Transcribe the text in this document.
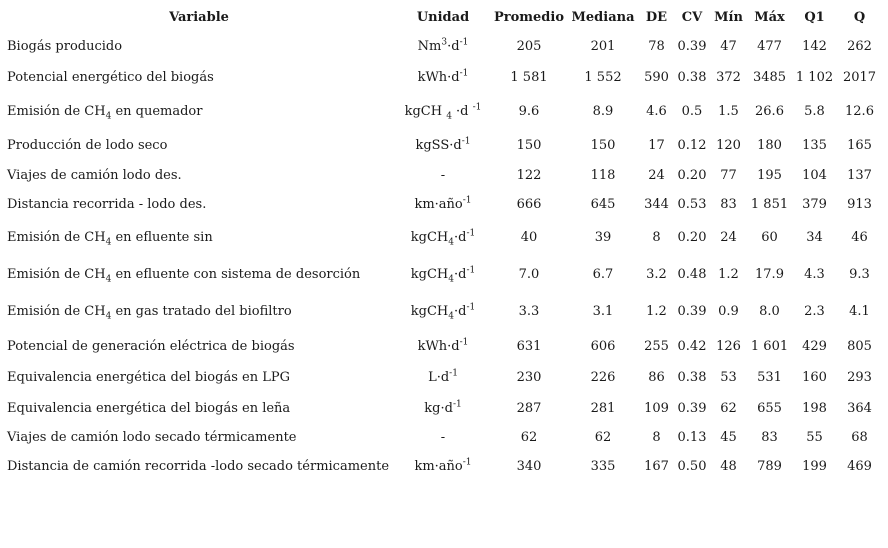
Variable	Unidad	Promedio	Mediana	DE	CV	Mín	Máx	Q1	Q
Biogás producido	$Nm^3\cdot d^{-1}$	205	201	78	0.39	47	477	142	262
Potencial energético del biogás	$kWh\cdot d^{-1}$	1 581	1 552	590	0.38	372	3485	1 102	2017
Emisión de $CH_4$ en quemador	kgCH $_4$ ·d $^{-1}$	9.6	8.9	4.6	0.5	1.5	26.6	5.8	12.6
Producción de lodo seco	$kgSS\cdot d^{-1}$	150	150	17	0.12	120	180	135	165
Viajes de camión lodo des.	-	122	118	24	0.20	77	195	104	137
Distancia recorrida - lodo des.	km·año$^{-1}$	666	645	344	0.53	83	1 851	379	913
Emisión de $CH_4$ en efluente sin	$kgCH_4\cdot d^{-1}$	40	39	8	0.20	24	60	34	46
Emisión de $CH_4$ en efluente con sistema de desorción	$kgCH_4\cdot d^{-1}$	7.0	6.7	3.2	0.48	1.2	17.9	4.3	9.3
Emisión de $CH_4$ en gas tratado del biofiltro	$kgCH_4\cdot d^{-1}$	3.3	3.1	1.2	0.39	0.9	8.0	2.3	4.1
Potencial de generación eléctrica de biogás	$kWh\cdot d^{-1}$	631	606	255	0.42	126	1 601	429	805
Equivalencia energética del biogás en LPG	$L\cdot d^{-1}$	230	226	86	0.38	53	531	160	293
Equivalencia energética del biogás en leña	$kg\cdot d^{-1}$	287	281	109	0.39	62	655	198	364
Viajes de camión lodo secado térmicamente	-	62	62	8	0.13	45	83	55	68
Distancia de camión recorrida -lodo secado térmicamente	km·año$^{-1}$	340	335	167	0.50	48	789	199	469
